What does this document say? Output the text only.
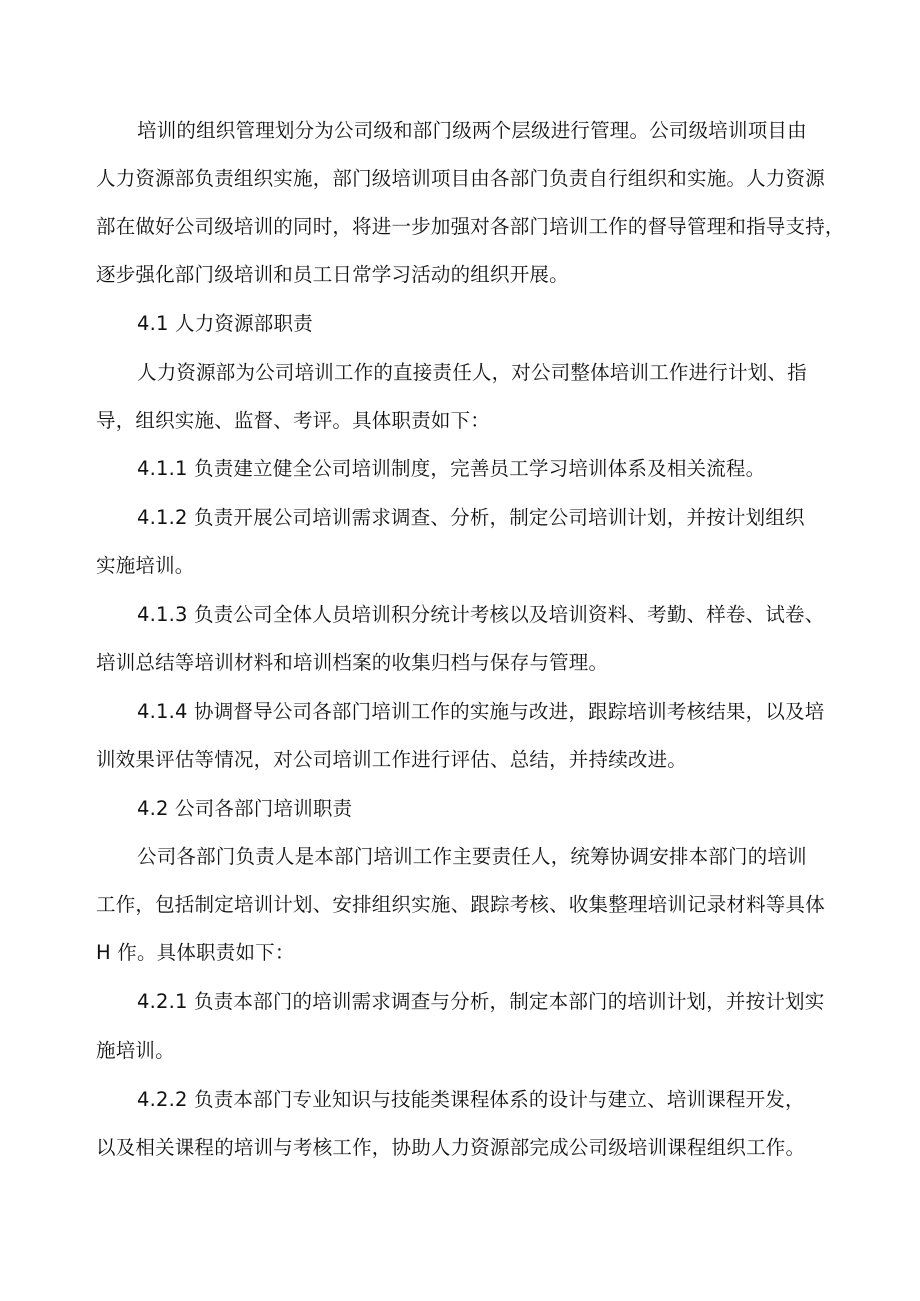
培训的组织管理划分为公司级和部门级两个层级进行管理。公司级培训项目由
人力资源部负责组织实施，部门级培训项目由各部门负责自行组织和实施。人力资源
部在做好公司级培训的同时，将进一步加强对各部门培训工作的督导管理和指导支持，
逐步强化部门级培训和员工日常学习活动的组织开展。
4.1 人力资源部职责
人力资源部为公司培训工作的直接责任人，对公司整体培训工作进行计划、指
导，组织实施、监督、考评。具体职责如下：
4.1.1 负责建立健全公司培训制度，完善员工学习培训体系及相关流程。
4.1.2 负责开展公司培训需求调查、分析，制定公司培训计划，并按计划组织
实施培训。
4.1.3 负责公司全体人员培训积分统计考核以及培训资料、考勤、样卷、试卷、
培训总结等培训材料和培训档案的收集归档与保存与管理。
4.1.4 协调督导公司各部门培训工作的实施与改进，跟踪培训考核结果，以及培
训效果评估等情况，对公司培训工作进行评估、总结，并持续改进。
4.2 公司各部门培训职责
公司各部门负责人是本部门培训工作主要责任人，统筹协调安排本部门的培训
工作，包括制定培训计划、安排组织实施、跟踪考核、收集整理培训记录材料等具体
H 作。具体职责如下：
4.2.1 负责本部门的培训需求调查与分析，制定本部门的培训计划，并按计划实
施培训。
4.2.2 负责本部门专业知识与技能类课程体系的设计与建立、培训课程开发，
以及相关课程的培训与考核工作，协助人力资源部完成公司级培训课程组织工作。
